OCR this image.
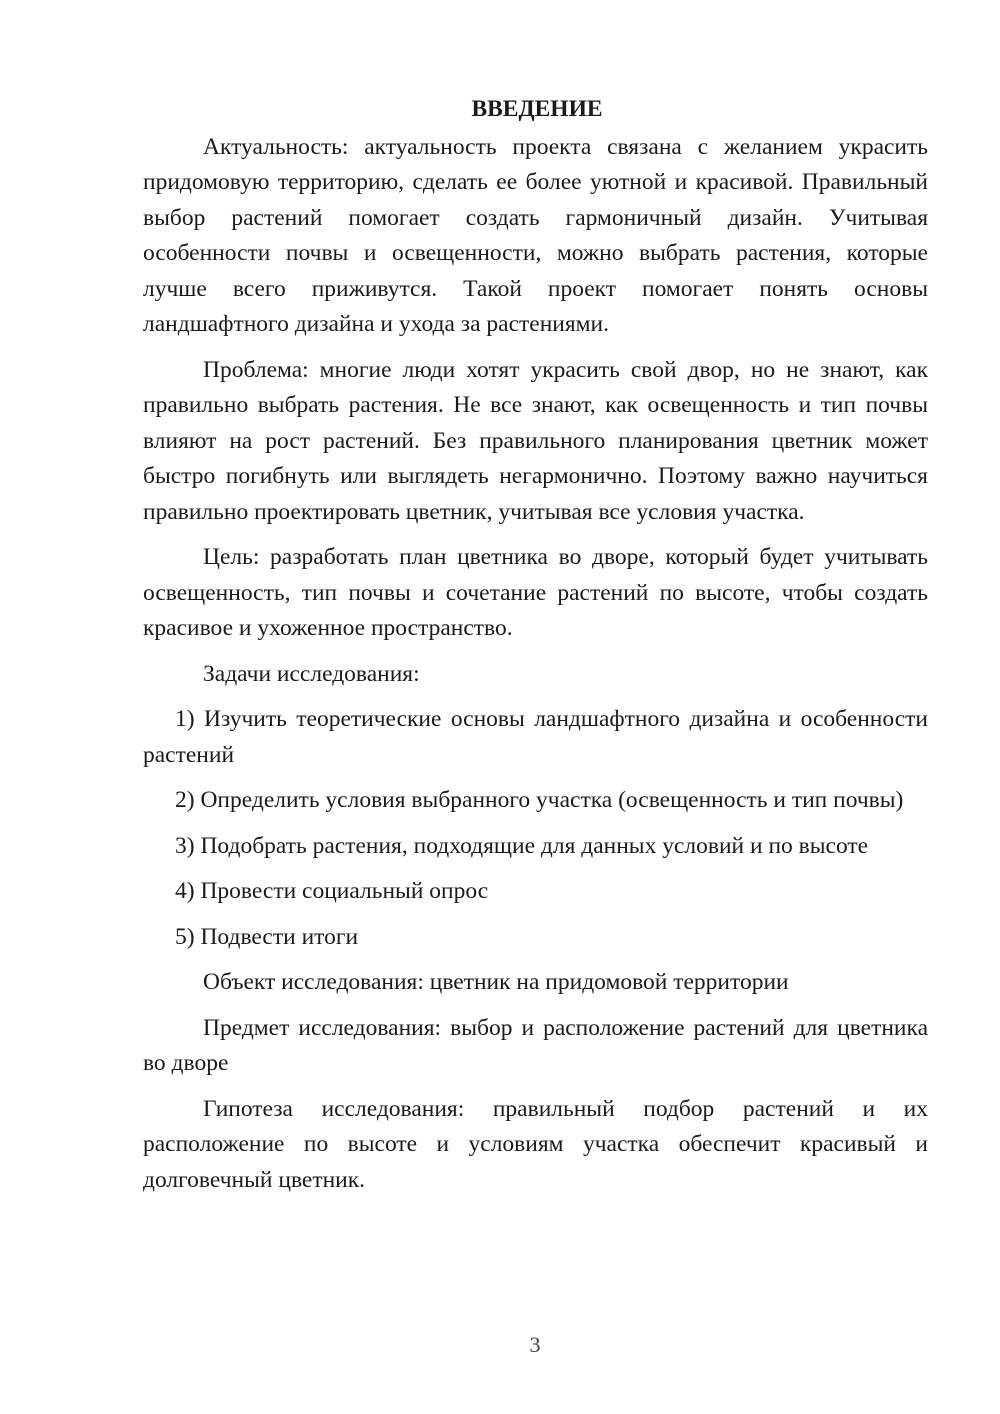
ВВЕДЕНИЕ

Актуальность: актуальность проекта связана с желанием украсить придомовую территорию, сделать ее более уютной и красивой. Правильный выбор растений помогает создать гармоничный дизайн. Учитывая особенности почвы и освещенности, можно выбрать растения, которые лучше всего приживутся. Такой проект помогает понять основы ландшафтного дизайна и ухода за растениями.

Проблема: многие люди хотят украсить свой двор, но не знают, как правильно выбрать растения. Не все знают, как освещенность и тип почвы влияют на рост растений. Без правильного планирования цветник может быстро погибнуть или выглядеть негармонично. Поэтому важно научиться правильно проектировать цветник, учитывая все условия участка.

Цель: разработать план цветника во дворе, который будет учитывать освещенность, тип почвы и сочетание растений по высоте, чтобы создать красивое и ухоженное пространство.

Задачи исследования:

1) Изучить теоретические основы ландшафтного дизайна и особенности растений

2) Определить условия выбранного участка (освещенность и тип почвы)

3) Подобрать растения, подходящие для данных условий и по высоте

4) Провести социальный опрос

5) Подвести итоги

Объект исследования: цветник на придомовой территории

Предмет исследования: выбор и расположение растений для цветника во дворе

Гипотеза исследования: правильный подбор растений и их расположение по высоте и условиям участка обеспечит красивый и долговечный цветник.

3
